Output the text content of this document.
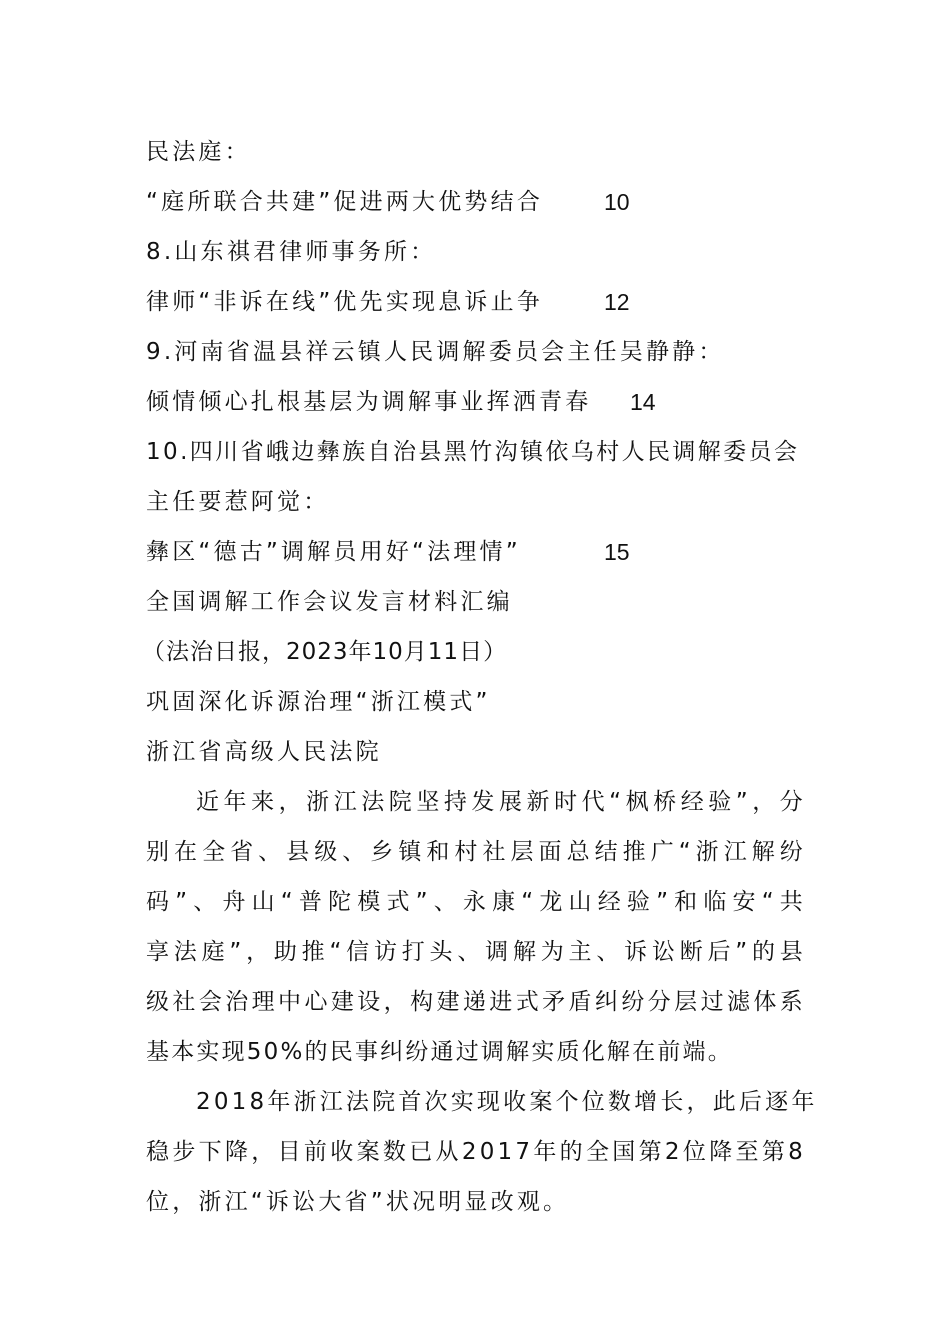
民法庭：
“庭所联合共建”促进两大优势结合	10
8.山东祺君律师事务所：
律师“非诉在线”优先实现息诉止争	12
9.河南省温县祥云镇人民调解委员会主任吴静静：
倾情倾心扎根基层为调解事业挥洒青春	14
10.四川省峨边彝族自治县黑竹沟镇依乌村人民调解委员会
主任要惹阿觉：
彝区“德古”调解员用好“法理情”	15
全国调解工作会议发言材料汇编
（法治日报，2023年10月11日）
巩固深化诉源治理“浙江模式”
浙江省高级人民法院
近年来，浙江法院坚持发展新时代“枫桥经验”，分
别在全省、县级、乡镇和村社层面总结推广“浙江解纷
码”、舟山“普陀模式”、永康“龙山经验”和临安“共
享法庭”，助推“信访打头、调解为主、诉讼断后”的县
级社会治理中心建设，构建递进式矛盾纠纷分层过滤体系
基本实现50%的民事纠纷通过调解实质化解在前端。
2018年浙江法院首次实现收案个位数增长，此后逐年
稳步下降，目前收案数已从2017年的全国第2位降至第8
位，浙江“诉讼大省”状况明显改观。
